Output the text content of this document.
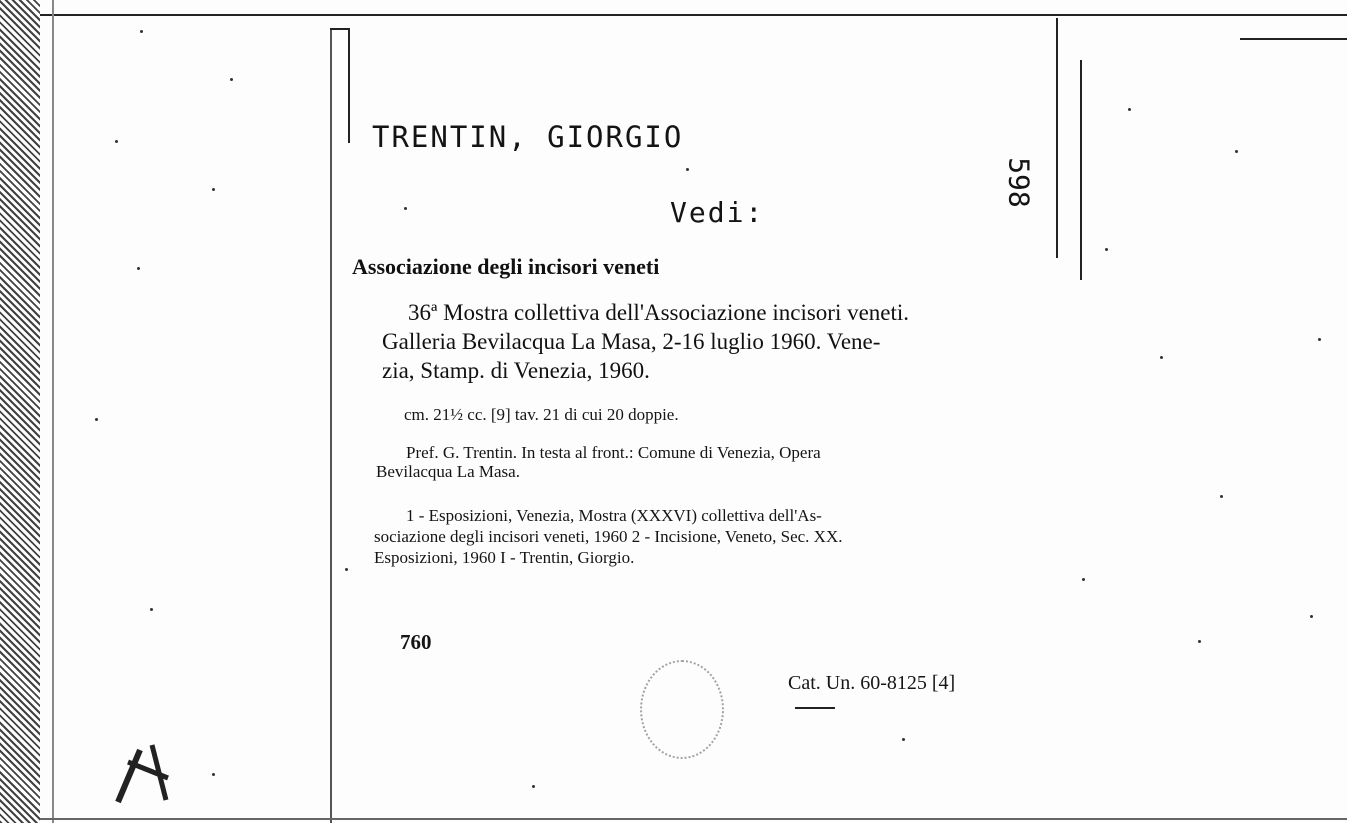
TRENTIN, GIORGIO
Vedi:
598
Associazione degli incisori veneti
36ª Mostra collettiva dell'Associazione incisori veneti.
Galleria Bevilacqua La Masa, 2-16 luglio 1960. Vene-
zia, Stamp. di Venezia, 1960.
cm. 21½ cc. [9] tav. 21 di cui 20 doppie.
Pref. G. Trentin. In testa al front.: Comune di Venezia, Opera
Bevilacqua La Masa.
1 - Esposizioni, Venezia, Mostra (XXXVI) collettiva dell'As-
sociazione degli incisori veneti, 1960 2 - Incisione, Veneto, Sec. XX.
Esposizioni, 1960 I - Trentin, Giorgio.
760
Cat. Un. 60-8125 [4]
